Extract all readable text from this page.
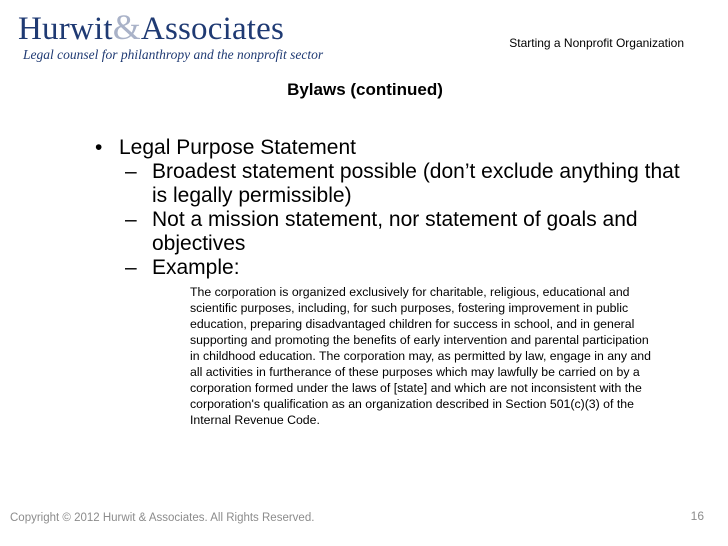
Hurwit&Associates
Legal counsel for philanthropy and the nonprofit sector
Starting a Nonprofit Organization
Bylaws (continued)
• Legal Purpose Statement
– Broadest statement possible (don’t exclude anything that is legally permissible)
– Not a mission statement, nor statement of goals and objectives
– Example:
The corporation is organized exclusively for charitable, religious, educational and scientific purposes, including, for such purposes, fostering improvement in public education, preparing disadvantaged children for success in school, and in general supporting and promoting the benefits of early intervention and parental participation in childhood education. The corporation may, as permitted by law, engage in any and all activities in furtherance of these purposes which may lawfully be carried on by a corporation formed under the laws of [state] and which are not inconsistent with the corporation's qualification as an organization described in Section 501(c)(3) of the Internal Revenue Code.
Copyright © 2012 Hurwit & Associates. All Rights Reserved.	16
